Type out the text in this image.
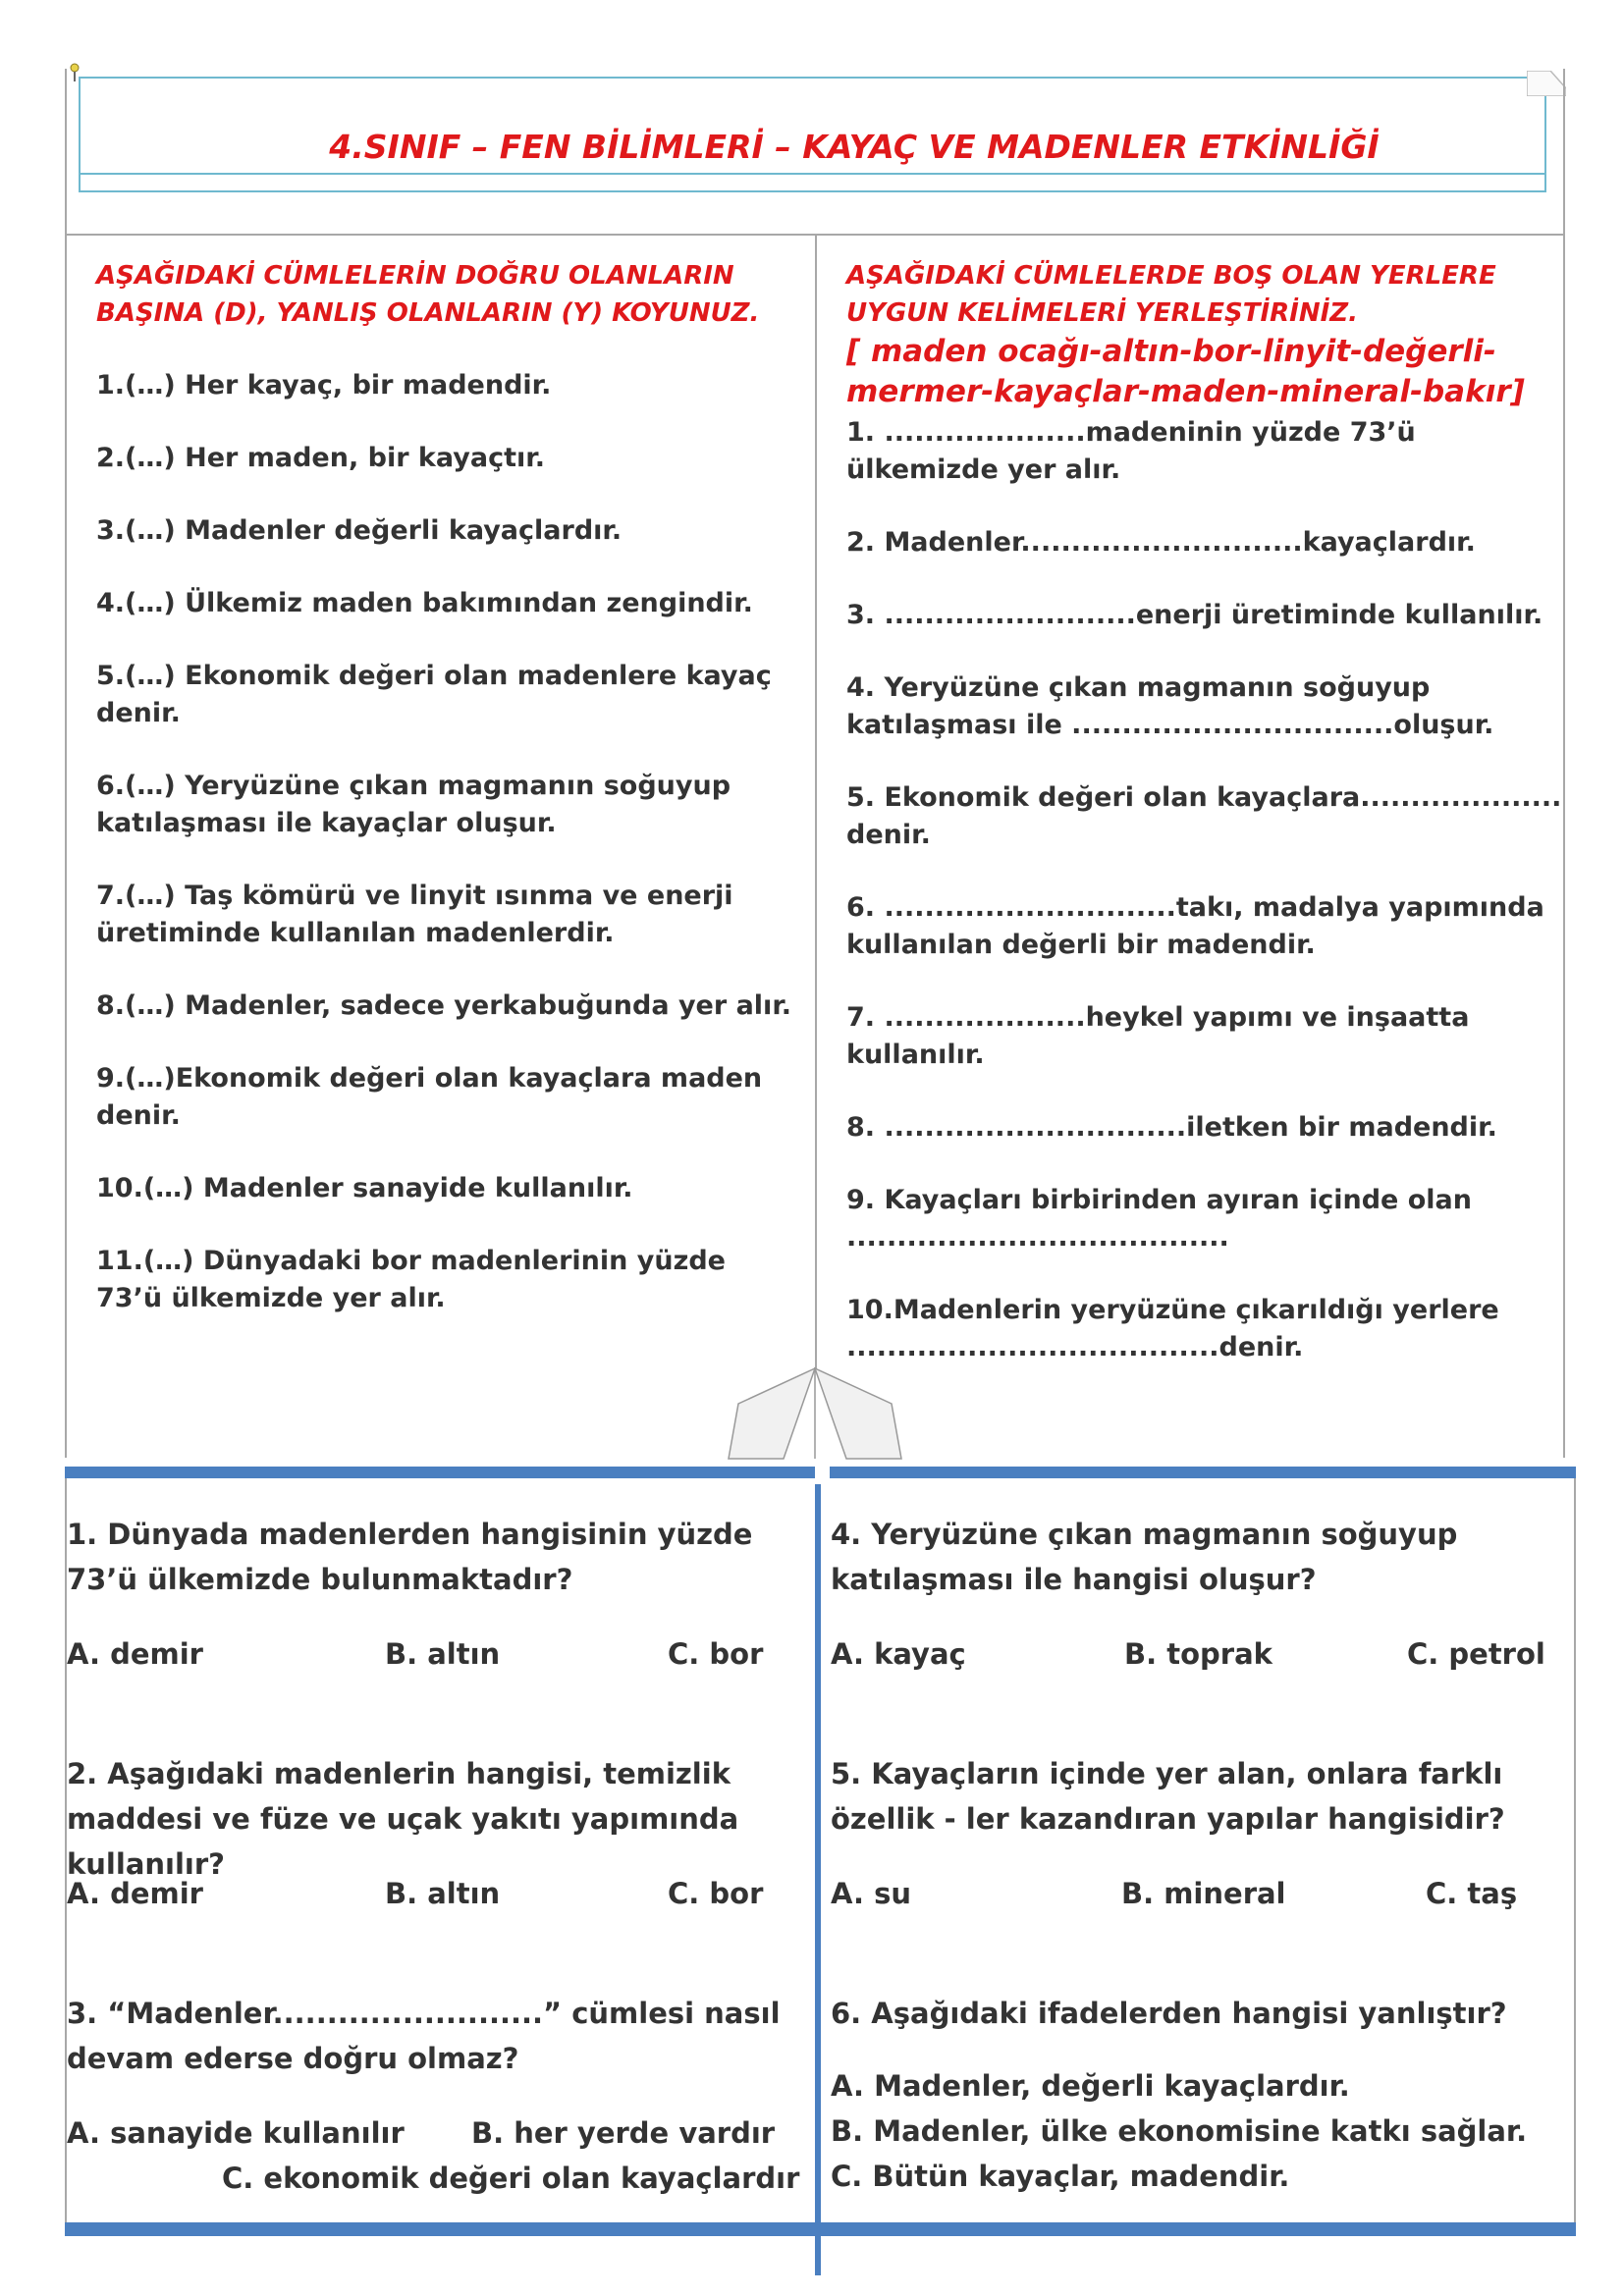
4.SINIF – FEN BİLİMLERİ – KAYAÇ VE MADENLER ETKİNLİĞİ
AŞAĞIDAKİ CÜMLELERİN DOĞRU OLANLARIN
BAŞINA (D), YANLIŞ OLANLARIN (Y) KOYUNUZ.
1.(…) Her kayaç, bir madendir.
2.(…) Her maden, bir kayaçtır.
3.(…) Madenler değerli kayaçlardır.
4.(…) Ülkemiz maden bakımından zengindir.
5.(…) Ekonomik değeri olan madenlere kayaç denir.
6.(…) Yeryüzüne çıkan magmanın soğuyup katılaşması ile kayaçlar oluşur.
7.(…) Taş kömürü ve linyit ısınma ve enerji üretiminde kullanılan madenlerdir.
8.(…) Madenler, sadece yerkabuğunda yer alır.
9.(…)Ekonomik değeri olan kayaçlara maden denir.
10.(…) Madenler sanayide kullanılır.
11.(…) Dünyadaki bor madenlerinin yüzde 73’ü ülkemizde yer alır.
AŞAĞIDAKİ CÜMLELERDE BOŞ OLAN YERLERE
UYGUN KELİMELERİ YERLEŞTİRİNİZ.
[ maden ocağı-altın-bor-linyit-değerli-mermer-kayaçlar-maden-mineral-bakır]
1. ....................madeninin yüzde 73’ü ülkemizde yer alır.
2. Madenler............................kayaçlardır.
3. .........................enerji üretiminde kullanılır.
4. Yeryüzüne çıkan magmanın soğuyup katılaşması ile ................................oluşur.
5. Ekonomik değeri olan kayaçlara.................... denir.
6. .............................takı, madalya yapımında kullanılan değerli bir madendir.
7. ....................heykel yapımı ve inşaatta kullanılır.
8. ..............................iletken bir madendir.
9. Kayaçları birbirinden ayıran içinde olan ......................................
10.Madenlerin yeryüzüne çıkarıldığı yerlere .....................................denir.
1. Dünyada madenlerden hangisinin yüzde 73’ü ülkemizde bulunmaktadır?
A. demir	B. altın	C. bor
2. Aşağıdaki madenlerin hangisi, temizlik maddesi ve füze ve uçak yakıtı yapımında kullanılır?
A. demir	B. altın	C. bor
3. “Madenler.........................” cümlesi nasıl devam ederse doğru olmaz?
A. sanayide kullanılır B. her yerde vardır
C. ekonomik değeri olan kayaçlardır
4. Yeryüzüne çıkan magmanın soğuyup katılaşması ile hangisi oluşur?
A. kayaç	B. toprak	C. petrol
5. Kayaçların içinde yer alan, onlara farklı özellik - ler kazandıran yapılar hangisidir?
A. su	B. mineral	C. taş
6. Aşağıdaki ifadelerden hangisi yanlıştır?
A. Madenler, değerli kayaçlardır.
B. Madenler, ülke ekonomisine katkı sağlar.
C. Bütün kayaçlar, madendir.
